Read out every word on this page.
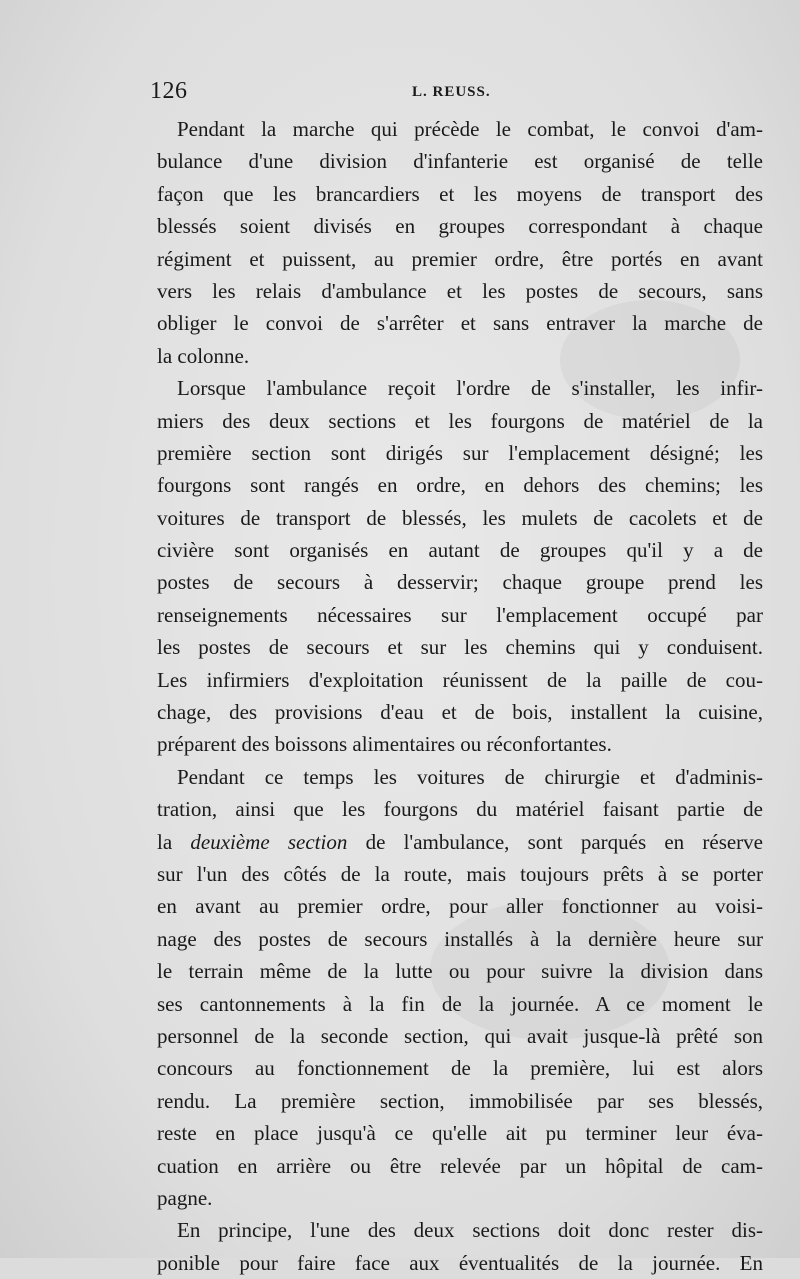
126	L. REUSS.
Pendant la marche qui précède le combat, le convoi d'am-
bulance d'une division d'infanterie est organisé de telle
façon que les brancardiers et les moyens de transport des
blessés soient divisés en groupes correspondant à chaque
régiment et puissent, au premier ordre, être portés en avant
vers les relais d'ambulance et les postes de secours, sans
obliger le convoi de s'arrêter et sans entraver la marche de
la colonne.
Lorsque l'ambulance reçoit l'ordre de s'installer, les infir-
miers des deux sections et les fourgons de matériel de la
première section sont dirigés sur l'emplacement désigné; les
fourgons sont rangés en ordre, en dehors des chemins; les
voitures de transport de blessés, les mulets de cacolets et de
civière sont organisés en autant de groupes qu'il y a de
postes de secours à desservir; chaque groupe prend les
renseignements nécessaires sur l'emplacement occupé par
les postes de secours et sur les chemins qui y conduisent.
Les infirmiers d'exploitation réunissent de la paille de cou-
chage, des provisions d'eau et de bois, installent la cuisine,
préparent des boissons alimentaires ou réconfortantes.
Pendant ce temps les voitures de chirurgie et d'adminis-
tration, ainsi que les fourgons du matériel faisant partie de
la deuxième section de l'ambulance, sont parqués en réserve
sur l'un des côtés de la route, mais toujours prêts à se porter
en avant au premier ordre, pour aller fonctionner au voisi-
nage des postes de secours installés à la dernière heure sur
le terrain même de la lutte ou pour suivre la division dans
ses cantonnements à la fin de la journée. A ce moment le
personnel de la seconde section, qui avait jusque-là prêté son
concours au fonctionnement de la première, lui est alors
rendu. La première section, immobilisée par ses blessés,
reste en place jusqu'à ce qu'elle ait pu terminer leur éva-
cuation en arrière ou être relevée par un hôpital de cam-
pagne.
En principe, l'une des deux sections doit donc rester dis-
ponible pour faire face aux éventualités de la journée. En
